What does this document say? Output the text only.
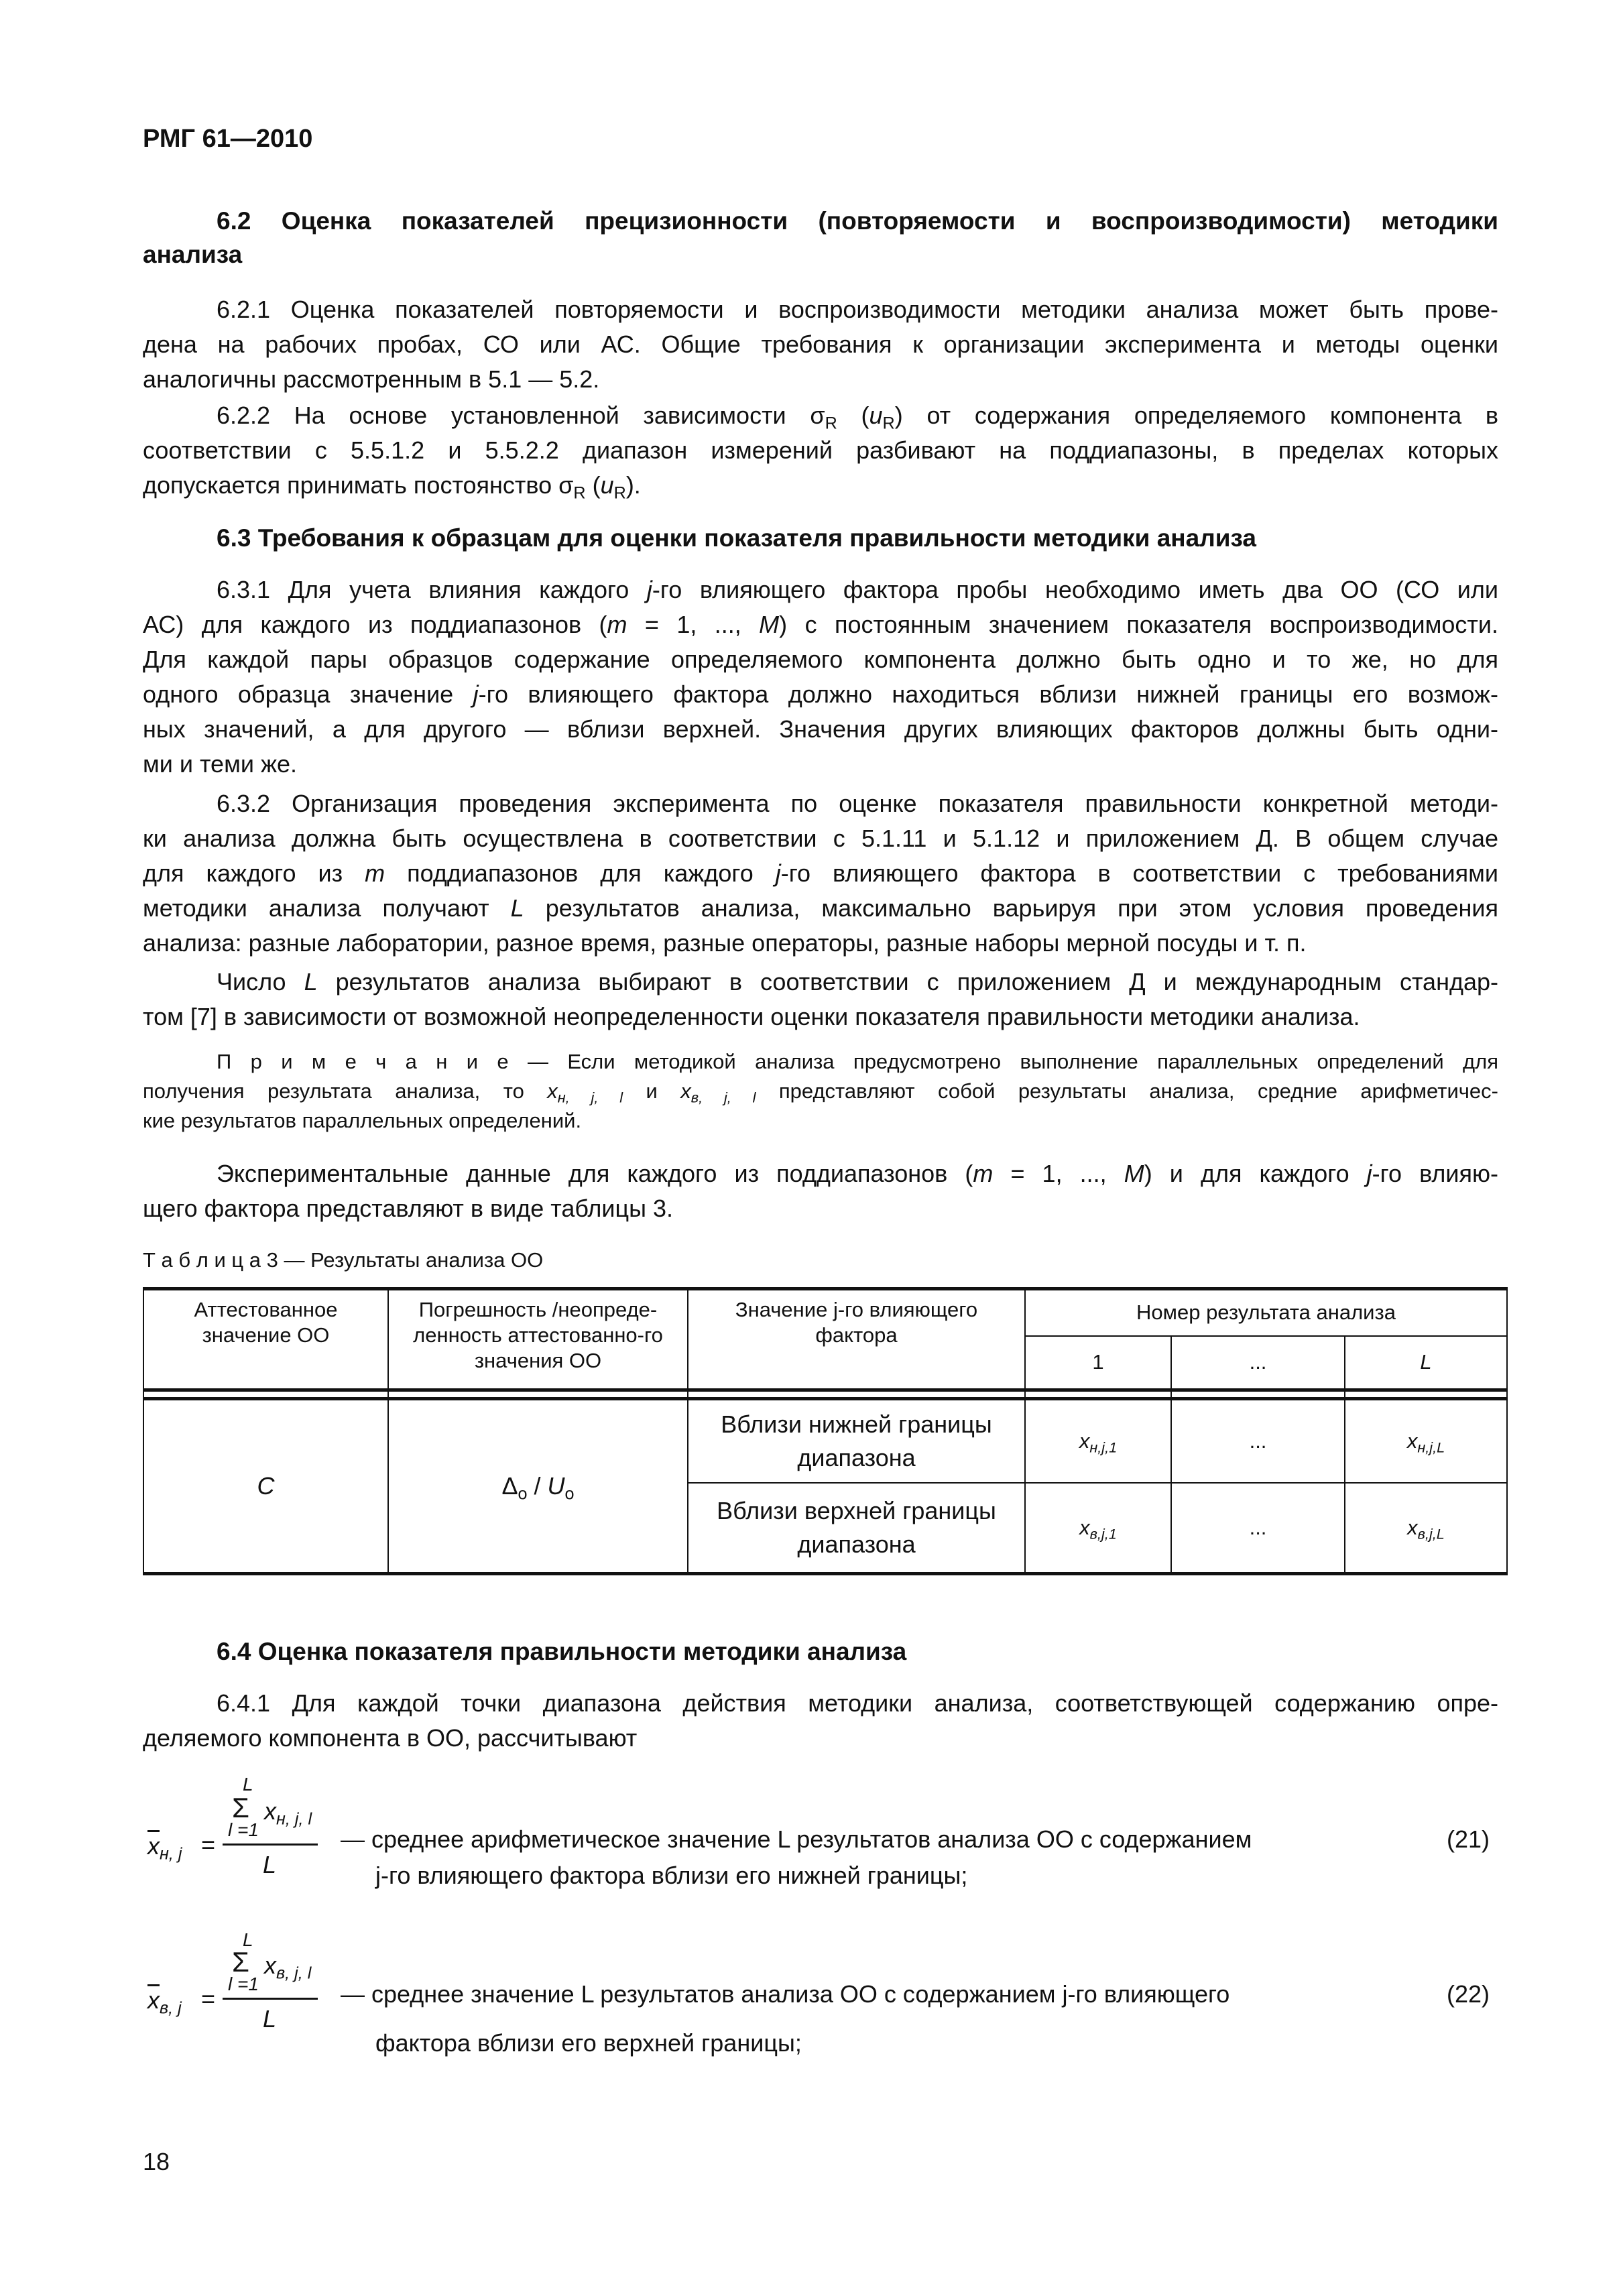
РМГ 61—2010
6.2 Оценка показателей прецизионности (повторяемости и воспроизводимости) методики
анализа
6.2.1 Оценка показателей повторяемости и воспроизводимости методики анализа может быть прове-
дена на рабочих пробах, СО или АС. Общие требования к организации эксперимента и методы оценки
аналогичны рассмотренным в 5.1 — 5.2.
6.2.2 На основе установленной зависимости $\sigma_R$ $(u_R)$ от содержания определяемого компонента в
соответствии с 5.5.1.2 и 5.5.2.2 диапазон измерений разбивают на поддиапазоны, в пределах которых
допускается принимать постоянство $\sigma_R$ $(u_R)$.
6.3 Требования к образцам для оценки показателя правильности методики анализа
6.3.1 Для учета влияния каждого j-го влияющего фактора пробы необходимо иметь два ОО (СО или
АС) для каждого из поддиапазонов (m = 1, ..., M) с постоянным значением показателя воспроизводимости.
Для каждой пары образцов содержание определяемого компонента должно быть одно и то же, но для
одного образца значение j-го влияющего фактора должно находиться вблизи нижней границы его возмож-
ных значений, а для другого — вблизи верхней. Значения других влияющих факторов должны быть одни-
ми и теми же.
6.3.2 Организация проведения эксперимента по оценке показателя правильности конкретной методи-
ки анализа должна быть осуществлена в соответствии с 5.1.11 и 5.1.12 и приложением Д. В общем случае
для каждого из m поддиапазонов для каждого j-го влияющего фактора в соответствии с требованиями
методики анализа получают L результатов анализа, максимально варьируя при этом условия проведения
анализа: разные лаборатории, разное время, разные операторы, разные наборы мерной посуды и т. п.
Число L результатов анализа выбирают в соответствии с приложением Д и международным стандар-
том [7] в зависимости от возможной неопределенности оценки показателя правильности методики анализа.
П р и м е ч а н и е — Если методикой анализа предусмотрено выполнение параллельных определений для
получения результата анализа, то $x_{н, j, l}$ и $x_{в, j, l}$ представляют собой результаты анализа, средние арифметичес-
кие результатов параллельных определений.
Экспериментальные данные для каждого из поддиапазонов (m = 1, ..., M) и для каждого j-го влияю-
щего фактора представляют в виде таблицы 3.
Т а б л и ц а 3 — Результаты анализа ОО
Аттестованное значение ОО	Погрешность /неопреде-ленность аттестованно-го значения ОО	Значение j-го влияющего фактора	Номер результата анализа		
			1	...	L

C	$\Delta_о / U_о$	Вблизи нижней границы диапазона	$x_{н,j,1}$	...	$x_{н,j,L}$
		Вблизи верхней границы диапазона	$x_{в,j,1}$	...	$x_{в,j,L}$
6.4 Оценка показателя правильности методики анализа
6.4.1 Для каждой точки диапазона действия методики анализа, соответствующей содержанию опре-
деляемого компонента в ОО, рассчитывают
$\overline{x}_{н, j}$ =
L
Σ $x_{н, j, l}$
l =1
L
— среднее арифметическое значение L результатов анализа ОО с содержанием
j-го влияющего фактора вблизи его нижней границы;
(21)
$\overline{x}_{в, j}$ =
L
Σ $x_{в, j, l}$
l =1
L
— среднее значение L результатов анализа ОО с содержанием j-го влияющего
фактора вблизи его верхней границы;
(22)
18
